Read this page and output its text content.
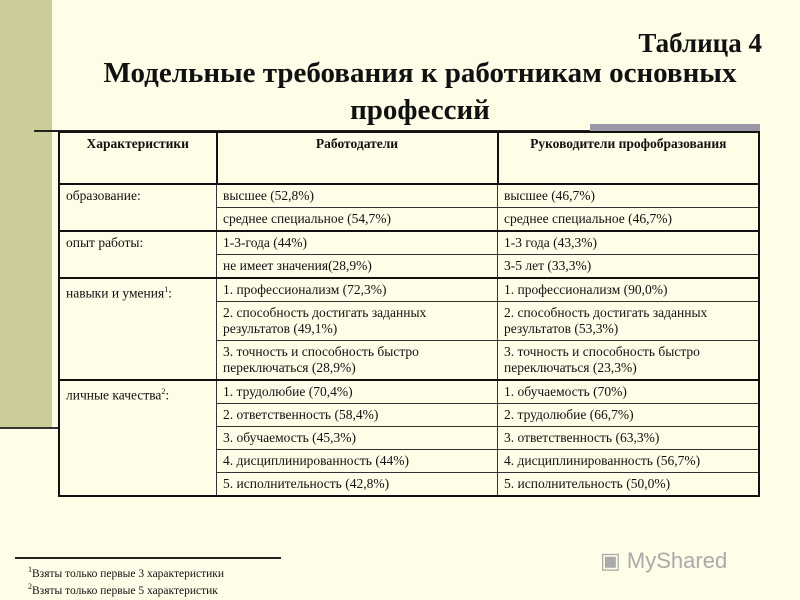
Таблица 4
Модельные требования к работникам основных профессий
Характеристики	Работодатели	Руководители профобразования
образование:	высшее (52,8%)	высшее (46,7%)
	среднее специальное (54,7%)	среднее специальное (46,7%)
опыт работы:	1-3-года (44%)	1-3 года (43,3%)
	не имеет значения(28,9%)	3-5 лет (33,3%)
навыки и умения$^1$:	1. профессионализм (72,3%)	1. профессионализм (90,0%)
	2. способность достигать заданных результатов (49,1%)	2. способность достигать заданных результатов (53,3%)
	3. точность и способность быстро переключаться (28,9%)	3. точность и способность быстро переключаться (23,3%)
личные качества$^2$:	1. трудолюбие (70,4%)	1. обучаемость (70%)
	2. ответственность (58,4%)	2. трудолюбие (66,7%)
	3. обучаемость (45,3%)	3. ответственность (63,3%)
	4. дисциплинированность (44%)	4. дисциплинированность (56,7%)
	5. исполнительность (42,8%)	5. исполнительность (50,0%)
$^1$Взяты только первые 3 характеристики
$^2$Взяты только первые 5 характеристик
▣ MyShared
